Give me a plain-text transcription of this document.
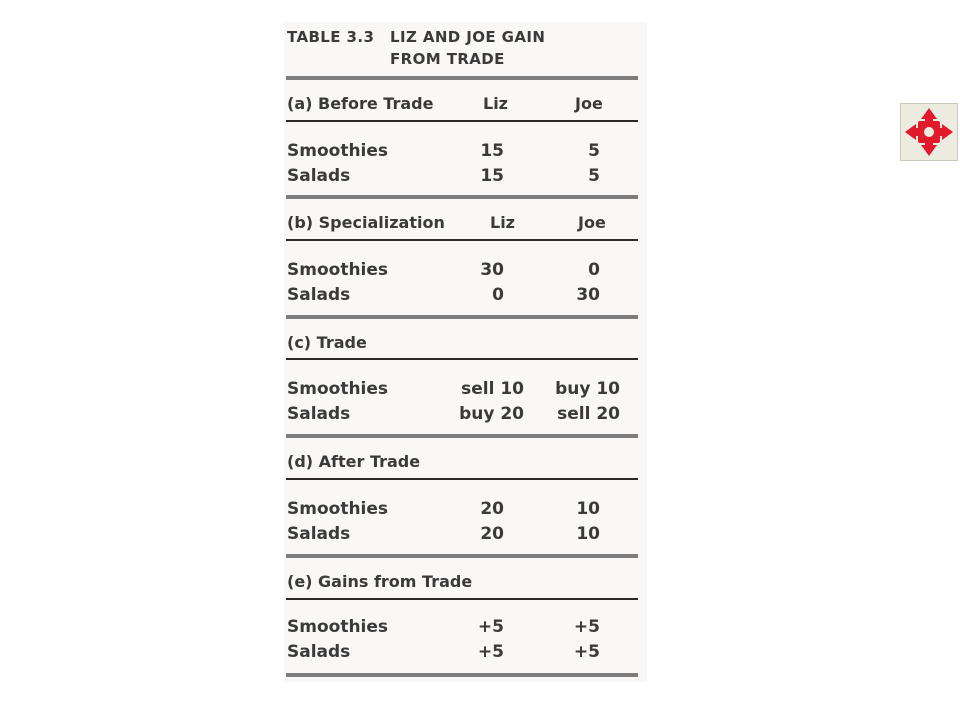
TABLE 3.3 LIZ AND JOE GAIN
FROM TRADE
(a) Before Trade	Liz	Joe
Smoothies	15	5
Salads	15	5
(b) Specialization	Liz	Joe
Smoothies	30	0
Salads	0	30
(c) Trade
Smoothies	sell 10	buy 10
Salads	buy 20	sell 20
(d) After Trade
Smoothies	20	10
Salads	20	10
(e) Gains from Trade
Smoothies	+5	+5
Salads	+5	+5
